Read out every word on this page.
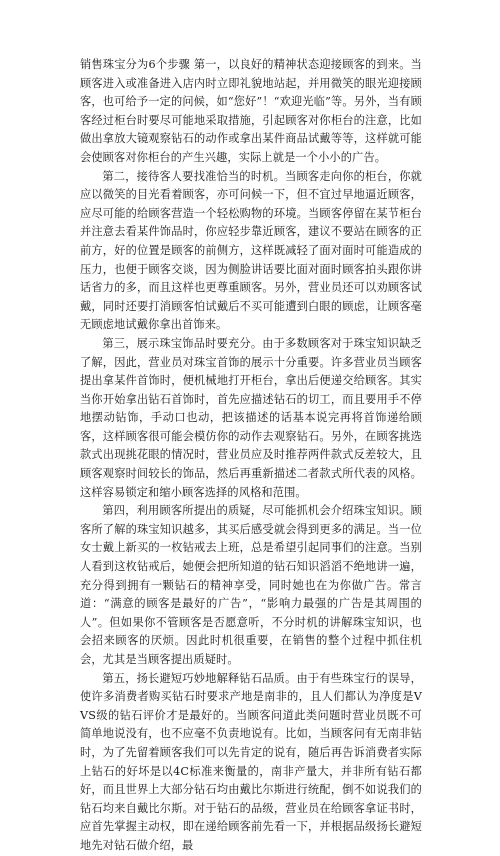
销售珠宝分为6个步骤 第一，以良好的精神状态迎接顾客的到来。当顾客进入或准备进入店内时立即礼貌地站起，并用微笑的眼光迎接顾客，也可给予一定的问候，如“您好”！“欢迎光临”等。另外，当有顾客经过柜台时要尽可能地采取措施，引起顾客对你柜台的注意，比如做出拿放大镜观察钻石的动作或拿出某件商品试戴等等，这样就可能会使顾客对你柜台的产生兴趣，实际上就是一个小小的广告。

第二，接待客人要找准恰当的时机。当顾客走向你的柜台，你就应以微笑的目光看着顾客，亦可问候一下，但不宜过早地逼近顾客，应尽可能的给顾客营造一个轻松购物的环境。当顾客停留在某节柜台并注意去看某件饰品时，你应轻步靠近顾客，建议不要站在顾客的正前方，好的位置是顾客的前侧方，这样既减轻了面对面时可能造成的压力，也便于顾客交谈，因为侧脸讲话要比面对面时顾客拍头跟你讲话省力的多，而且这样也更尊重顾客。另外，营业员还可以劝顾客试戴，同时还要打消顾客怕试戴后不买可能遭到白眼的顾虑，让顾客毫无顾虑地试戴你拿出首饰来。

第三，展示珠宝饰品时要充分。由于多数顾客对于珠宝知识缺乏了解，因此，营业员对珠宝首饰的展示十分重要。许多营业员当顾客提出拿某件首饰时，便机械地打开柜台，拿出后便递交给顾客。其实当你开始拿出钻石首饰时，首先应描述钻石的切工，而且要用手不停地摆动钻饰，手动口也动，把该描述的话基本说完再将首饰递给顾客，这样顾客很可能会模仿你的动作去观察钻石。另外，在顾客挑选款式出现挑花眼的情况时，营业员应及时推荐两件款式反差较大，且顾客观察时间较长的饰品，然后再重新描述二者款式所代表的风格。这样容易锁定和缩小顾客选择的风格和范围。

第四，利用顾客所提出的质疑，尽可能抓机会介绍珠宝知识。顾客所了解的珠宝知识越多，其买后感受就会得到更多的满足。当一位女士戴上新买的一枚钻戒去上班，总是希望引起同事们的注意。当别人看到这枚钻戒后，她便会把所知道的钻石知识滔滔不绝地讲一遍，充分得到拥有一颗钻石的精神享受，同时她也在为你做广告。常言道：“满意的顾客是最好的广告”，“影响力最强的广告是其周围的人”。但如果你不管顾客是否愿意听，不分时机的讲解珠宝知识，也会招来顾客的厌烦。因此时机很重要，在销售的整个过程中抓住机会，尤其是当顾客提出质疑时。

第五，扬长避短巧妙地解释钻石品质。由于有些珠宝行的误导，使许多消费者购买钻石时要求产地是南非的，且人们都认为净度是VVS级的钻石评价才是最好的。当顾客问道此类问题时营业员既不可简单地说没有，也不应毫不负责地说有。比如，当顾客问有无南非钻时，为了先留着顾客我们可以先肯定的说有，随后再告诉消费者实际上钻石的好坏是以4C标准来衡量的，南非产量大，并非所有钻石都好，而且世界上大部分钻石均由戴比尔斯进行统配，倒不如说我们的钻石均来自戴比尔斯。对于钻石的品级，营业员在给顾客拿证书时，应首先掌握主动权，即在递给顾客前先看一下，并根据品级扬长避短地先对钻石做介绍，最
